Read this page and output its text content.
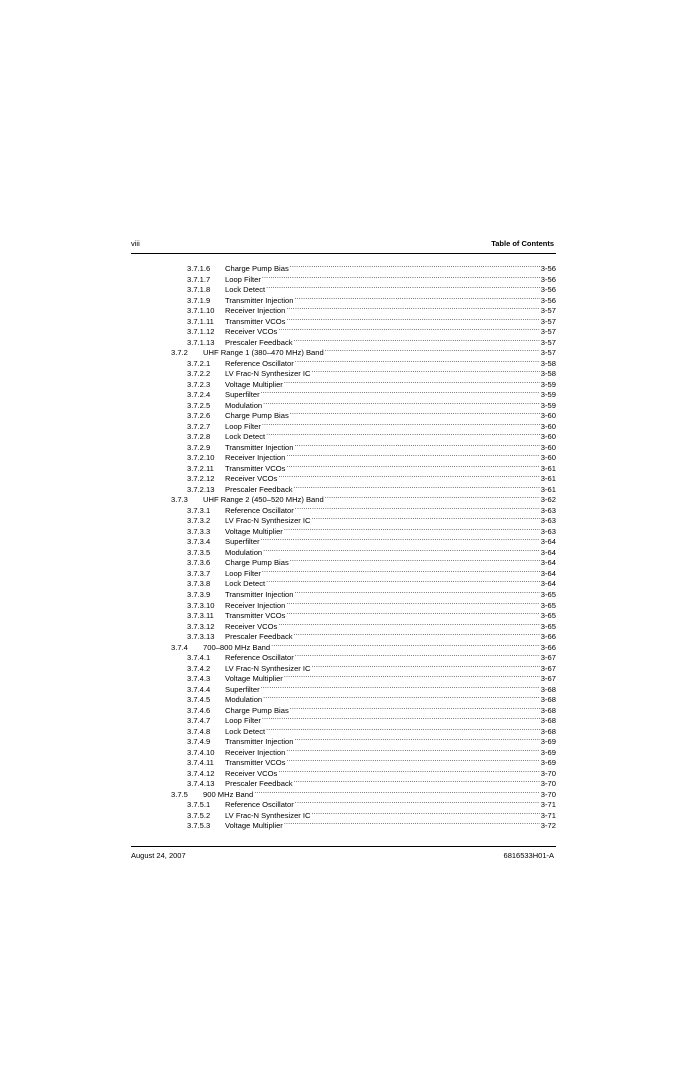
viii	Table of Contents
3.7.1.6	Charge Pump Bias .....	3-56
3.7.1.7	Loop Filter .....	3-56
3.7.1.8	Lock Detect .....	3-56
3.7.1.9	Transmitter Injection .....	3-56
3.7.1.10	Receiver Injection .....	3-57
3.7.1.11	Transmitter VCOs .....	3-57
3.7.1.12	Receiver VCOs .....	3-57
3.7.1.13	Prescaler Feedback .....	3-57
3.7.2	UHF Range 1 (380–470 MHz) Band .....	3-57
3.7.2.1	Reference Oscillator .....	3-58
3.7.2.2	LV Frac-N Synthesizer IC .....	3-58
3.7.2.3	Voltage Multiplier .....	3-59
3.7.2.4	Superfilter .....	3-59
3.7.2.5	Modulation .....	3-59
3.7.2.6	Charge Pump Bias .....	3-60
3.7.2.7	Loop Filter .....	3-60
3.7.2.8	Lock Detect .....	3-60
3.7.2.9	Transmitter Injection .....	3-60
3.7.2.10	Receiver Injection .....	3-60
3.7.2.11	Transmitter VCOs .....	3-61
3.7.2.12	Receiver VCOs .....	3-61
3.7.2.13	Prescaler Feedback .....	3-61
3.7.3	UHF Range 2 (450–520 MHz) Band .....	3-62
3.7.3.1	Reference Oscillator .....	3-63
3.7.3.2	LV Frac-N Synthesizer IC .....	3-63
3.7.3.3	Voltage Multiplier .....	3-63
3.7.3.4	Superfilter .....	3-64
3.7.3.5	Modulation .....	3-64
3.7.3.6	Charge Pump Bias .....	3-64
3.7.3.7	Loop Filter .....	3-64
3.7.3.8	Lock Detect .....	3-64
3.7.3.9	Transmitter Injection .....	3-65
3.7.3.10	Receiver Injection .....	3-65
3.7.3.11	Transmitter VCOs .....	3-65
3.7.3.12	Receiver VCOs .....	3-65
3.7.3.13	Prescaler Feedback .....	3-66
3.7.4	700–800 MHz Band .....	3-66
3.7.4.1	Reference Oscillator .....	3-67
3.7.4.2	LV Frac-N Synthesizer IC .....	3-67
3.7.4.3	Voltage Multiplier .....	3-67
3.7.4.4	Superfilter .....	3-68
3.7.4.5	Modulation .....	3-68
3.7.4.6	Charge Pump Bias .....	3-68
3.7.4.7	Loop Filter .....	3-68
3.7.4.8	Lock Detect .....	3-68
3.7.4.9	Transmitter Injection .....	3-69
3.7.4.10	Receiver Injection .....	3-69
3.7.4.11	Transmitter VCOs .....	3-69
3.7.4.12	Receiver VCOs .....	3-70
3.7.4.13	Prescaler Feedback .....	3-70
3.7.5	900 MHz Band .....	3-70
3.7.5.1	Reference Oscillator .....	3-71
3.7.5.2	LV Frac-N Synthesizer IC .....	3-71
3.7.5.3	Voltage Multiplier .....	3-72
August 24, 2007	6816533H01-A
